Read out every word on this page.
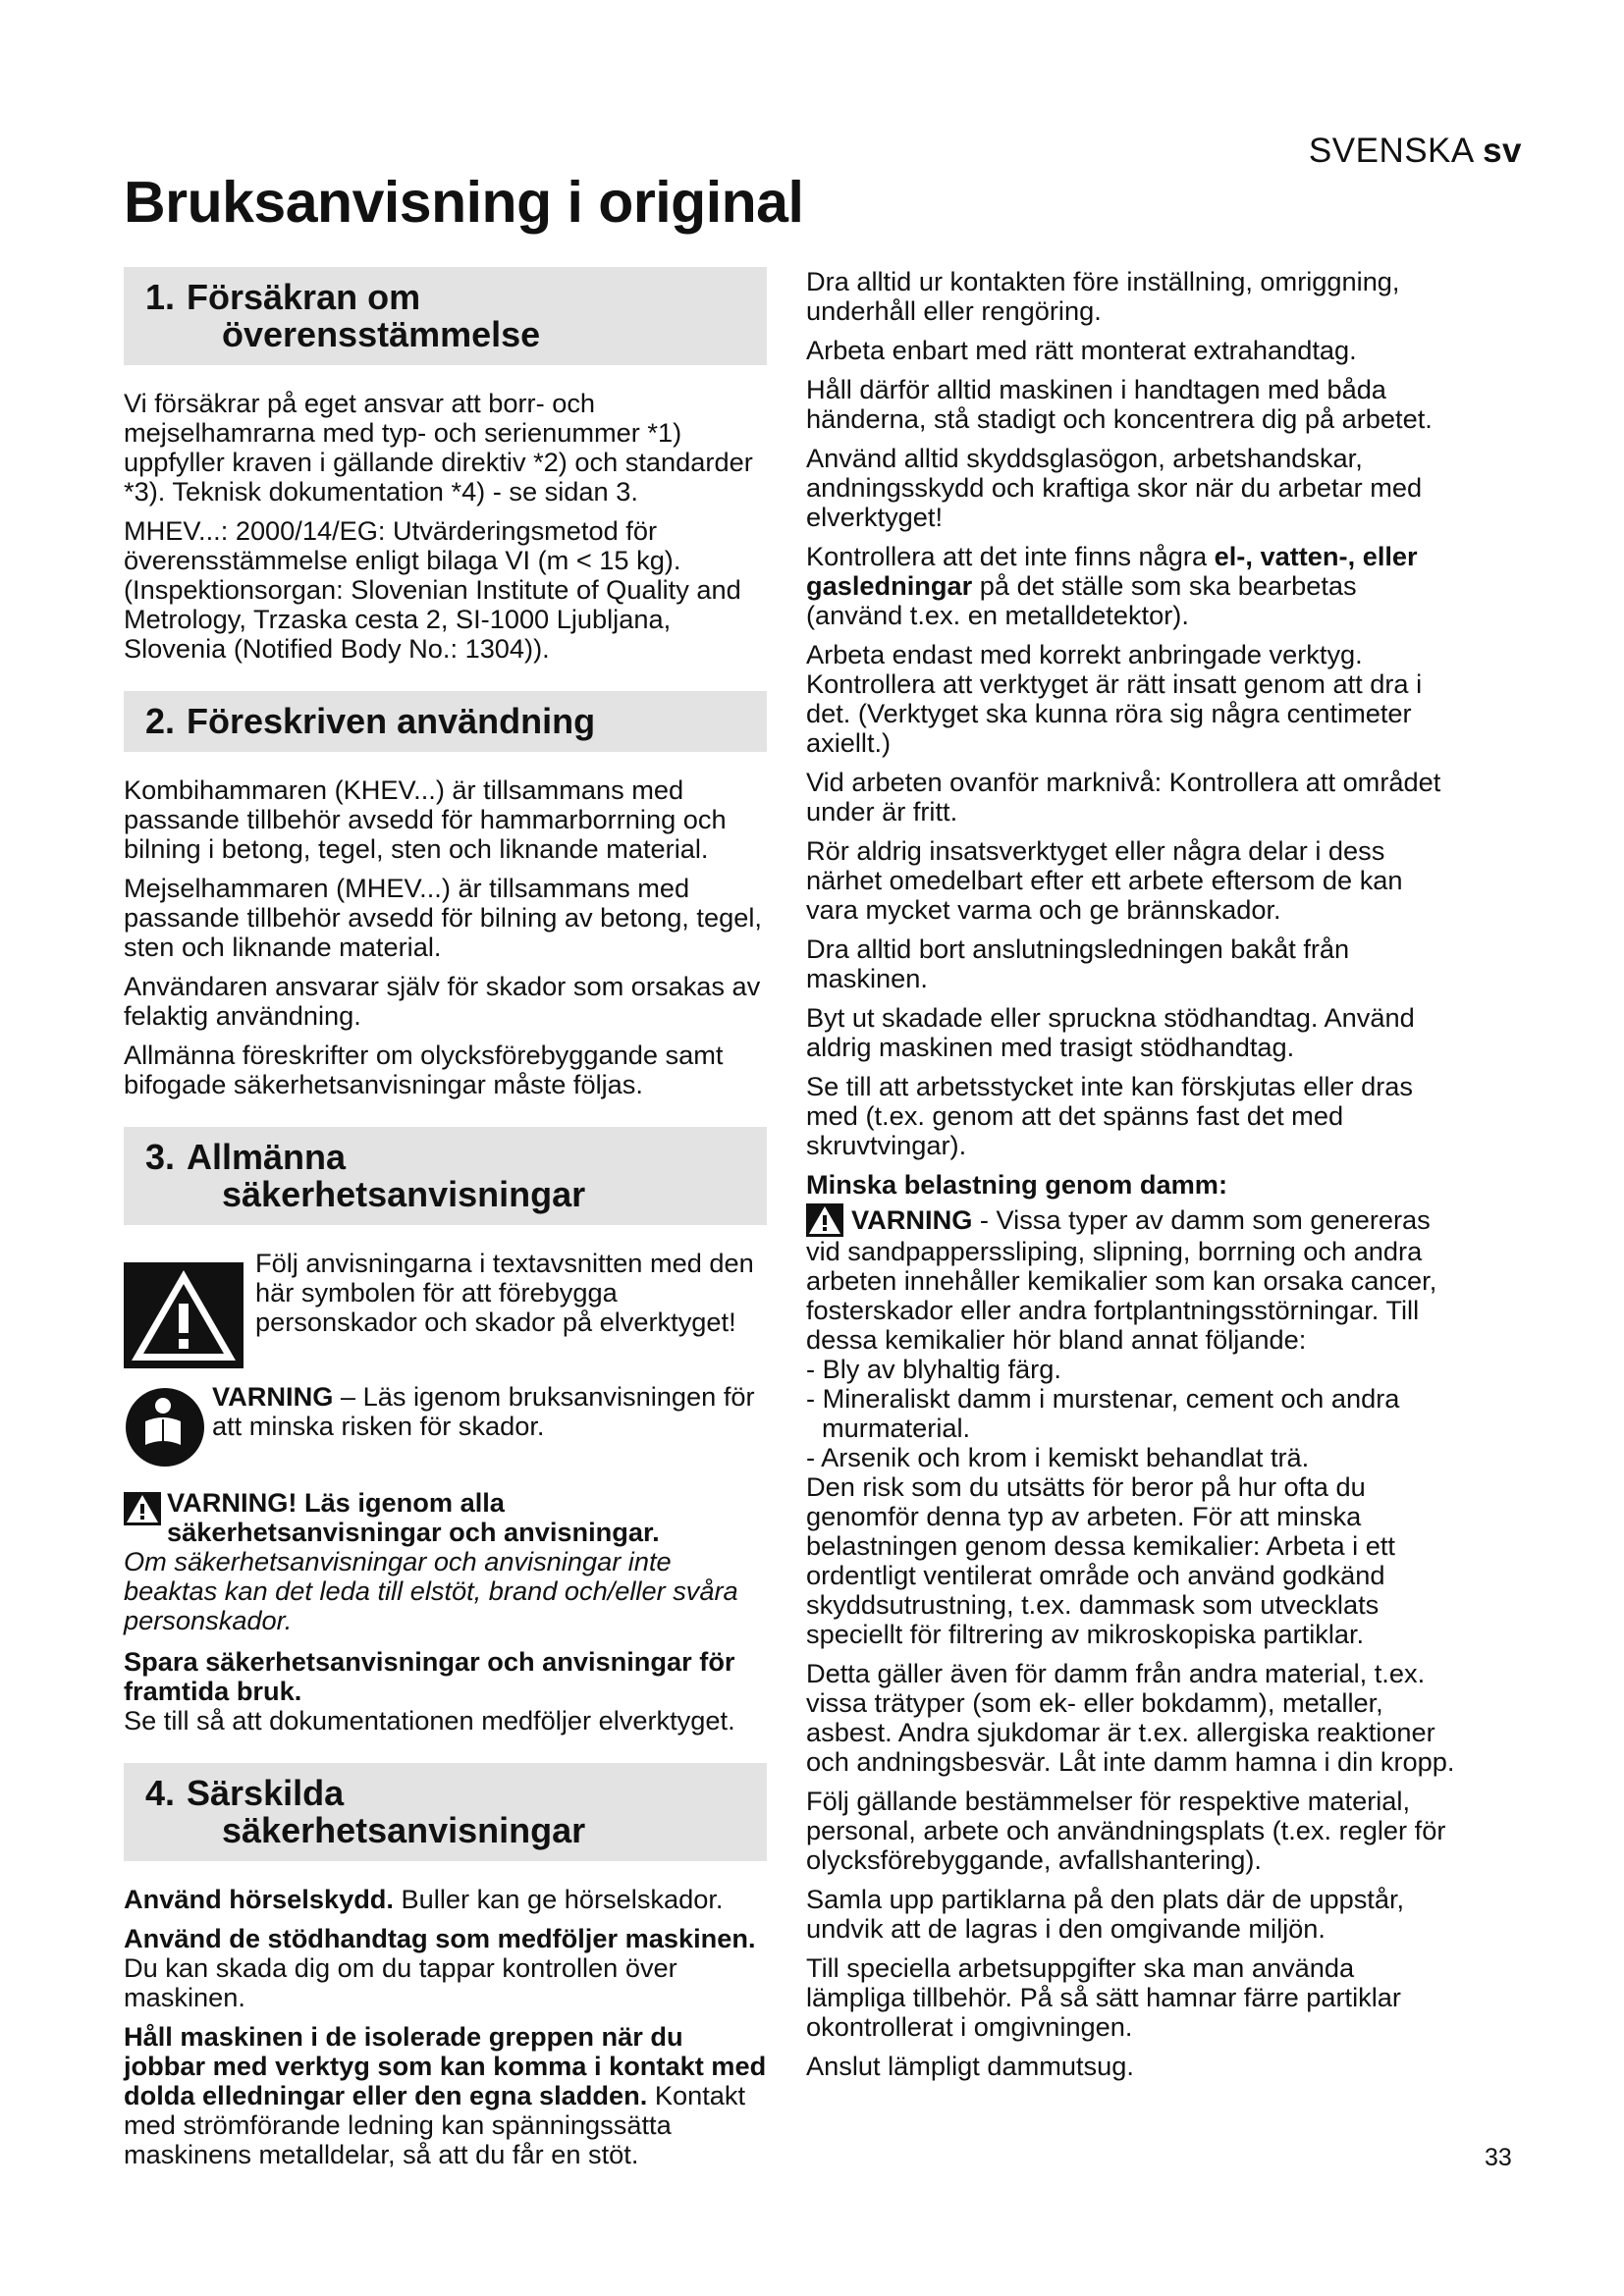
SVENSKA sv
Bruksanvisning i original
1. Försäkran om
överensstämmelse

Vi försäkrar på eget ansvar att borr- och mejselhamrarna med typ- och serienummer *1) uppfyller kraven i gällande direktiv *2) och standarder *3). Teknisk dokumentation *4) - se sidan 3.

MHEV...: 2000/14/EG: Utvärderingsmetod för överensstämmelse enligt bilaga VI (m < 15 kg). (Inspektionsorgan: Slovenian Institute of Quality and Metrology, Trzaska cesta 2, SI-1000 Ljubljana, Slovenia (Notified Body No.: 1304)).

2. Föreskriven användning

Kombihammaren (KHEV...) är tillsammans med passande tillbehör avsedd för hammarborrning och bilning i betong, tegel, sten och liknande material.

Mejselhammaren (MHEV...) är tillsammans med passande tillbehör avsedd för bilning av betong, tegel, sten och liknande material.

Användaren ansvarar själv för skador som orsakas av felaktig användning.

Allmänna föreskrifter om olycksförebyggande samt bifogade säkerhetsanvisningar måste följas.

3. Allmänna
säkerhetsanvisningar
Följ anvisningarna i textavsnitten med den här symbolen för att förebygga personskador och skador på elverktyget!
VARNING – Läs igenom bruksanvisningen för att minska risken för skador.
VARNING! Läs igenom alla
säkerhetsanvisningar och anvisningar.

Om säkerhetsanvisningar och anvisningar inte beaktas kan det leda till elstöt, brand och/eller svåra personskador.

Spara säkerhetsanvisningar och anvisningar för framtida bruk.
Se till så att dokumentationen medföljer elverktyget.

4. Särskilda
säkerhetsanvisningar

Använd hörselskydd. Buller kan ge hörselskador.

Använd de stödhandtag som medföljer maskinen. Du kan skada dig om du tappar kontrollen över maskinen.

Håll maskinen i de isolerade greppen när du jobbar med verktyg som kan komma i kontakt med dolda elledningar eller den egna sladden. Kontakt med strömförande ledning kan spänningssätta maskinens metalldelar, så att du får en stöt.

Dra alltid ur kontakten före inställning, omriggning, underhåll eller rengöring.

Arbeta enbart med rätt monterat extrahandtag.

Håll därför alltid maskinen i handtagen med båda händerna, stå stadigt och koncentrera dig på arbetet.

Använd alltid skyddsglasögon, arbetshandskar, andningsskydd och kraftiga skor när du arbetar med elverktyget!

Kontrollera att det inte finns några el-, vatten-, eller gasledningar på det ställe som ska bearbetas (använd t.ex. en metalldetektor).

Arbeta endast med korrekt anbringade verktyg. Kontrollera att verktyget är rätt insatt genom att dra i det. (Verktyget ska kunna röra sig några centimeter axiellt.)

Vid arbeten ovanför marknivå: Kontrollera att området under är fritt.

Rör aldrig insatsverktyget eller några delar i dess närhet omedelbart efter ett arbete eftersom de kan vara mycket varma och ge brännskador.

Dra alltid bort anslutningsledningen bakåt från maskinen.

Byt ut skadade eller spruckna stödhandtag. Använd aldrig maskinen med trasigt stödhandtag.

Se till att arbetsstycket inte kan förskjutas eller dras med (t.ex. genom att det spänns fast det med skruvtvingar).

Minska belastning genom damm:

VARNING - Vissa typer av damm som genereras vid sandpapperssliping, slipning, borrning och andra arbeten innehåller kemikalier som kan orsaka cancer, fosterskador eller andra fortplantningsstörningar. Till dessa kemikalier hör bland annat följande:
- Bly av blyhaltig färg.
- Mineraliskt damm i murstenar, cement och andra murmaterial.
- Arsenik och krom i kemiskt behandlat trä.

Den risk som du utsätts för beror på hur ofta du genomför denna typ av arbeten. För att minska belastningen genom dessa kemikalier: Arbeta i ett ordentligt ventilerat område och använd godkänd skyddsutrustning, t.ex. dammask som utvecklats speciellt för filtrering av mikroskopiska partiklar.

Detta gäller även för damm från andra material, t.ex. vissa trätyper (som ek- eller bokdamm), metaller, asbest. Andra sjukdomar är t.ex. allergiska reaktioner och andningsbesvär. Låt inte damm hamna i din kropp.

Följ gällande bestämmelser för respektive material, personal, arbete och användningsplats (t.ex. regler för olycksförebyggande, avfallshantering).

Samla upp partiklarna på den plats där de uppstår, undvik att de lagras i den omgivande miljön.

Till speciella arbetsuppgifter ska man använda lämpliga tillbehör. På så sätt hamnar färre partiklar okontrollerat i omgivningen.

Anslut lämpligt dammutsug.

33
